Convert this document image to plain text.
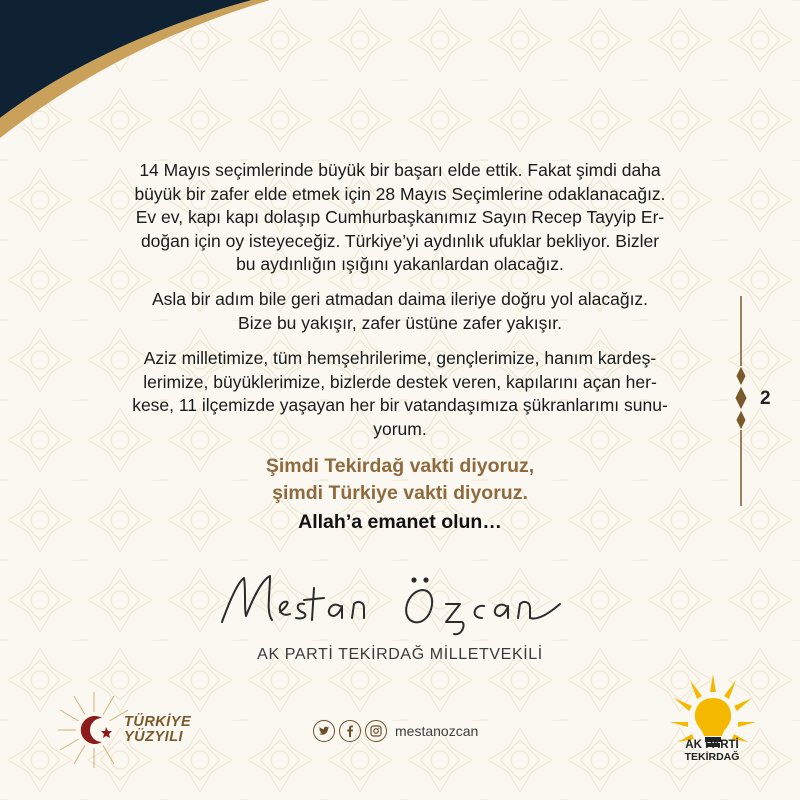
14 Mayıs seçimlerinde büyük bir başarı elde ettik. Fakat şimdi daha
büyük bir zafer elde etmek için 28 Mayıs Seçimlerine odaklanacağız.
Ev ev, kapı kapı dolaşıp Cumhurbaşkanımız Sayın Recep Tayyip Er-
doğan için oy isteyeceğiz. Türkiye’yi aydınlık ufuklar bekliyor. Bizler
bu aydınlığın ışığını yakanlardan olacağız.
Asla bir adım bile geri atmadan daima ileriye doğru yol alacağız.
Bize bu yakışır, zafer üstüne zafer yakışır.
Aziz milletimize, tüm hemşehrilerime, gençlerimize, hanım kardeş-
lerimize, büyüklerimize, bizlerde destek veren, kapılarını açan her-
kese, 11 ilçemizde yaşayan her bir vatandaşımıza şükranlarımı sunu-
yorum.
Şimdi Tekirdağ vakti diyoruz,
şimdi Türkiye vakti diyoruz.
Allah’a emanet olun…
AK PARTİ TEKİRDAĞ MİLLETVEKİLİ
2
TÜRKİYE
YÜZYILI	mestanozcan
AK PARTİ
TEKİRDAĞ
